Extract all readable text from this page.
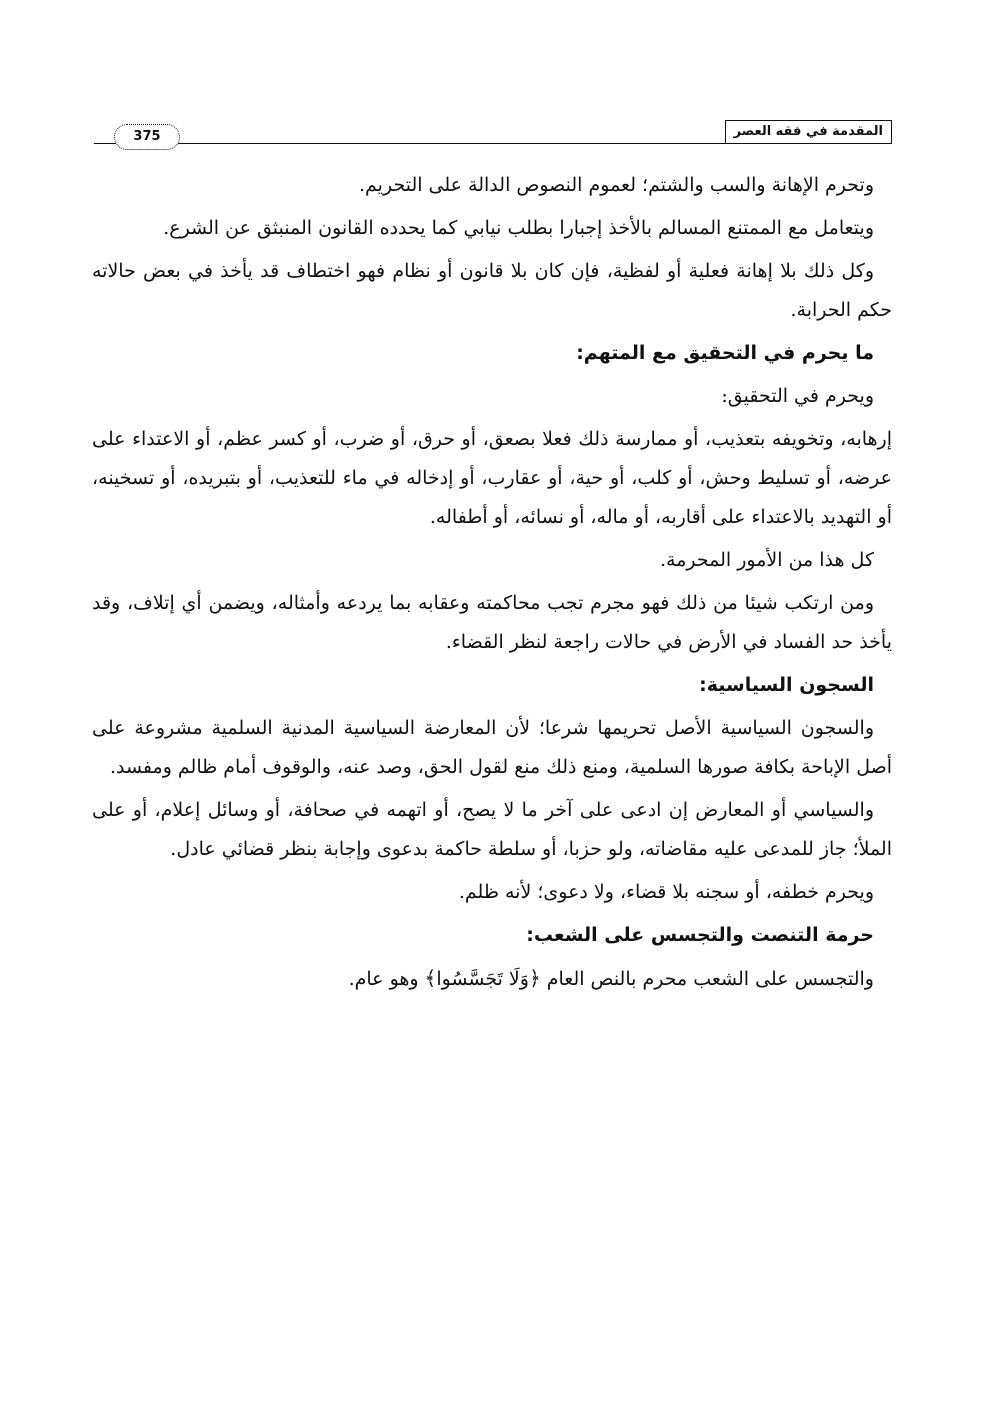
المقدمة في فقه العصر
375

وتحرم الإهانة والسب والشتم؛ لعموم النصوص الدالة على التحريم.

ويتعامل مع الممتنع المسالم بالأخذ إجبارا بطلب نيابي كما يحدده القانون المنبثق عن الشرع.

وكل ذلك بلا إهانة فعلية أو لفظية، فإن كان بلا قانون أو نظام فهو اختطاف قد يأخذ في بعض حالاته حكم الحرابة.

ما يحرم في التحقيق مع المتهم:

ويحرم في التحقيق:

إرهابه، وتخويفه بتعذيب، أو ممارسة ذلك فعلا بصعق، أو حرق، أو ضرب، أو كسر عظم، أو الاعتداء على عرضه، أو تسليط وحش، أو كلب، أو حية، أو عقارب، أو إدخاله في ماء للتعذيب، أو بتبريده، أو تسخينه، أو التهديد بالاعتداء على أقاربه، أو ماله، أو نسائه، أو أطفاله.

كل هذا من الأمور المحرمة.

ومن ارتكب شيئا من ذلك فهو مجرم تجب محاكمته وعقابه بما يردعه وأمثاله، ويضمن أي إتلاف، وقد يأخذ حد الفساد في الأرض في حالات راجعة لنظر القضاء.

السجون السياسية:

والسجون السياسية الأصل تحريمها شرعا؛ لأن المعارضة السياسية المدنية السلمية مشروعة على أصل الإباحة بكافة صورها السلمية، ومنع ذلك منع لقول الحق، وصد عنه، والوقوف أمام ظالم ومفسد.

والسياسي أو المعارض إن ادعى على آخر ما لا يصح، أو اتهمه في صحافة، أو وسائل إعلام، أو على الملأ؛ جاز للمدعى عليه مقاضاته، ولو حزبا، أو سلطة حاكمة بدعوى وإجابة بنظر قضائي عادل.

ويحرم خطفه، أو سجنه بلا قضاء، ولا دعوى؛ لأنه ظلم.

حرمة التنصت والتجسس على الشعب:

والتجسس على الشعب محرم بالنص العام ﴿وَلَا تَجَسَّسُوا﴾ وهو عام.
